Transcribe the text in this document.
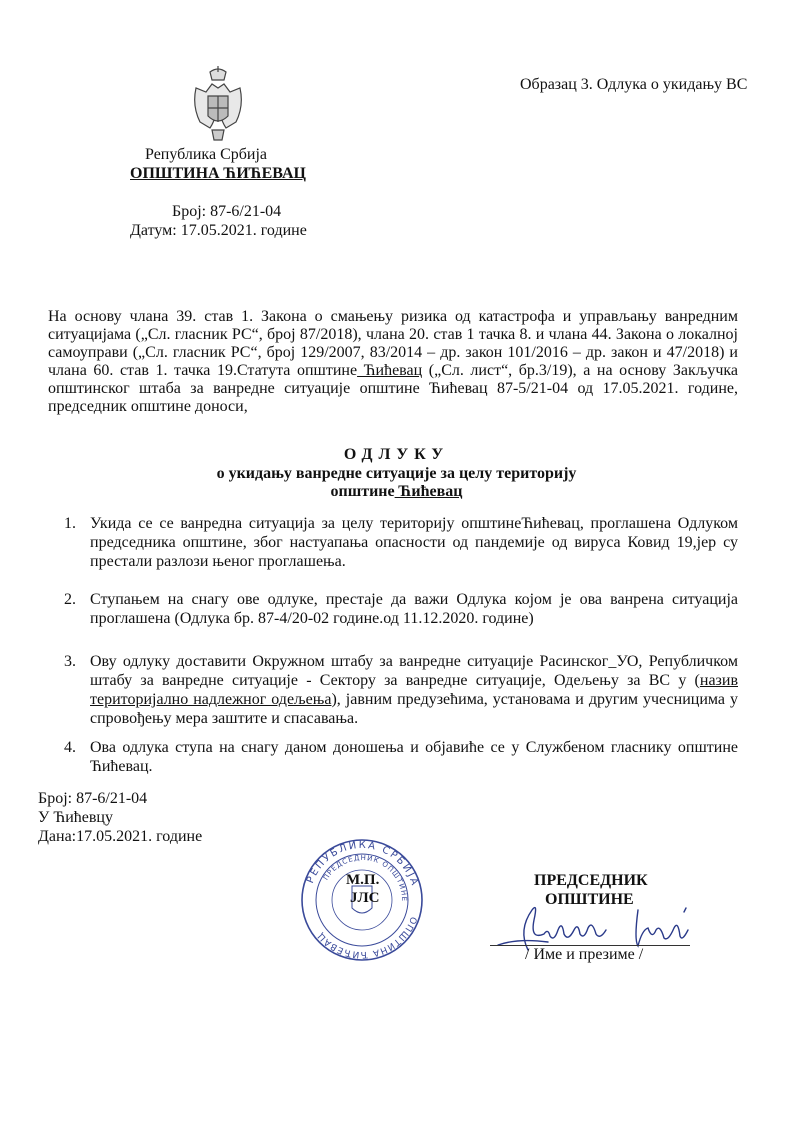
Образац 3. Одлука о укидању ВС
Република Србија
ОПШТИНА ЋИЋЕВАЦ
Број: 87-6/21-04
Датум: 17.05.2021. године
На основу члана 39. став 1. Закона о смањењу ризика од катастрофа и управљању ванредним ситуацијама („Сл. гласник РС“, број 87/2018), члана 20. став 1 тачка 8. и члана 44. Закона о локалној самоуправи („Сл. гласник РС“, број 129/2007, 83/2014 – др. закон 101/2016 – др. закон и 47/2018) и члана 60. став 1. тачка 19.Статута општине Ћићевац („Сл. лист“, бр.3/19), а на основу Закључка општинског штаба за ванредне ситуације општине Ћићевац 87-5/21-04 од 17.05.2021. године, председник општине доноси,
ОДЛУКУ
о укидању ванредне ситуације за целу територију
општине Ћићевац
1. Укида се се ванредна ситуација за целу територију општинеЋићевац, проглашена Одлуком председника општине, због настуапања опасности од пандемије од вируса Ковид 19,јер су престали разлози њеног проглашења.
2. Ступањем на снагу ове одлуке, престаје да важи Одлука којом је ова ванрена ситуација проглашена (Одлука бр. 87-4/20-02 године.од 11.12.2020. године)
3. Ову одлуку доставити Окружном штабу за ванредне ситуације Расинског_УО, Републичком штабу за ванредне ситуације - Сектору за ванредне ситуације, Одељењу за ВС у (назив територијално надлежног одељења), јавним предузећима, установама и другим учесницима у спровођењу мера заштите и спасавања.
4. Ова одлука ступа на снагу даном доношења и објавиће се у Службеном гласнику општине Ћићевац.
Број: 87-6/21-04
У Ћићевцу
Дана:17.05.2021. године
РЕПУБЛИКА СРБИЈА
ПРЕДСЕДНИК ОПШТИНЕ
ОПШТИНА ЋИЋЕВАЦ
М.П.
ЈЛС
ПРЕДСЕДНИК
ОПШТИНЕ
/ Име и презиме /
